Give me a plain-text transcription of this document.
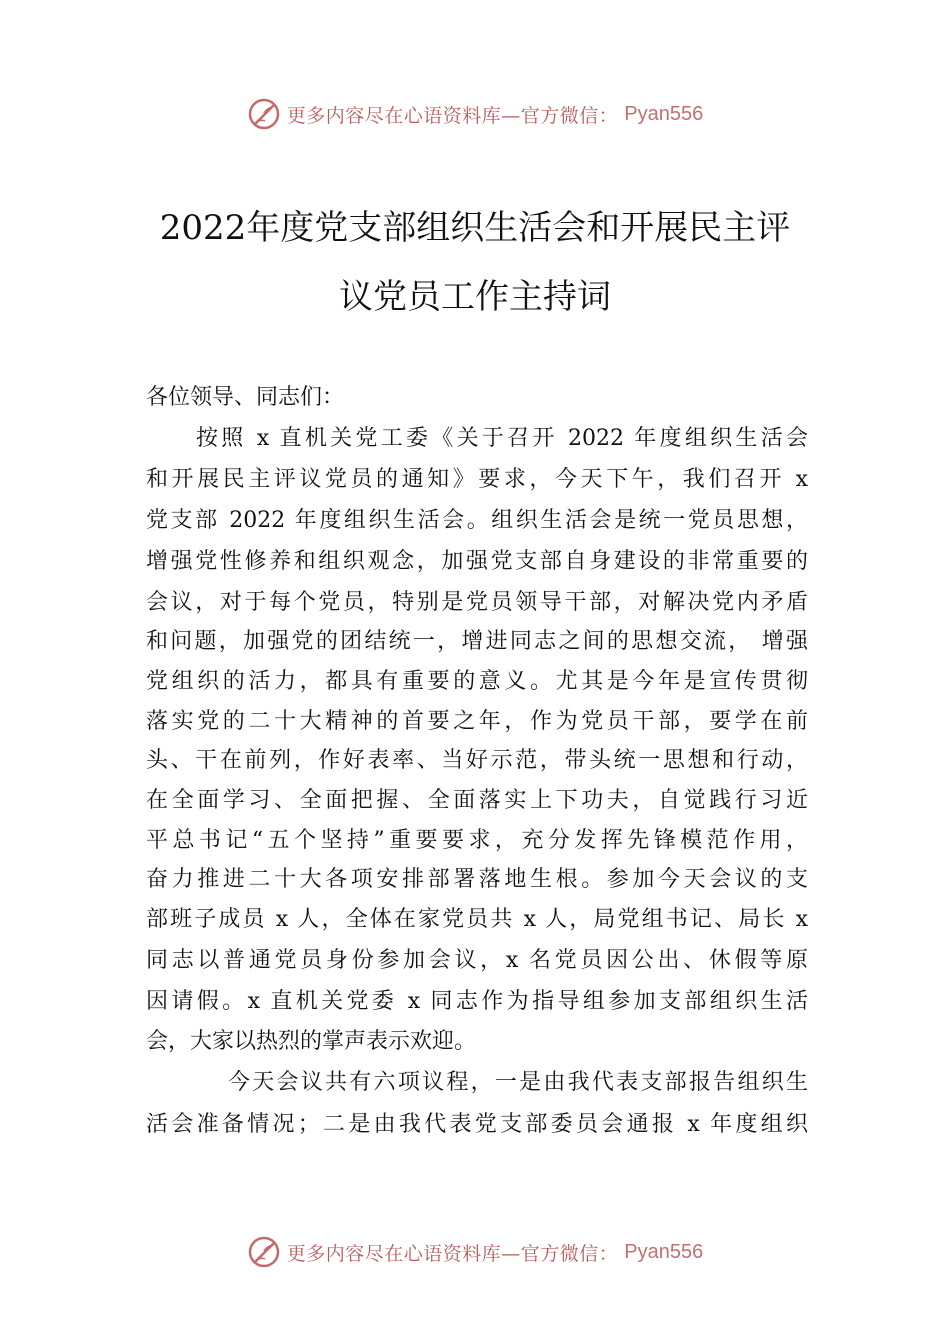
更多内容尽在心语资料库—官方微信： Pyan556
2022年度党支部组织生活会和开展民主评
议党员工作主持词
各位领导、同志们：
按照 x 直机关党工委《关于召开 2022 年度组织生活会
和开展民主评议党员的通知》要求，今天下午，我们召开 x
党支部 2022 年度组织生活会。组织生活会是统一党员思想，
增强党性修养和组织观念，加强党支部自身建设的非常重要的
会议，对于每个党员，特别是党员领导干部，对解决党内矛盾
和问题，加强党的团结统一，增进同志之间的思想交流， 增强
党组织的活力，都具有重要的意义。尤其是今年是宣传贯彻
落实党的二十大精神的首要之年，作为党员干部，要学在前
头、干在前列，作好表率、当好示范，带头统一思想和行动，
在全面学习、全面把握、全面落实上下功夫，自觉践行习近
平总书记“五个坚持”重要要求，充分发挥先锋模范作用，
奋力推进二十大各项安排部署落地生根。参加今天会议的支
部班子成员 x 人，全体在家党员共 x 人，局党组书记、局长 x
同志以普通党员身份参加会议，x 名党员因公出、休假等原
因请假。x 直机关党委 x 同志作为指导组参加支部组织生活
会，大家以热烈的掌声表示欢迎。
今天会议共有六项议程，一是由我代表支部报告组织生
活会准备情况；二是由我代表党支部委员会通报 x 年度组织
更多内容尽在心语资料库—官方微信： Pyan556
